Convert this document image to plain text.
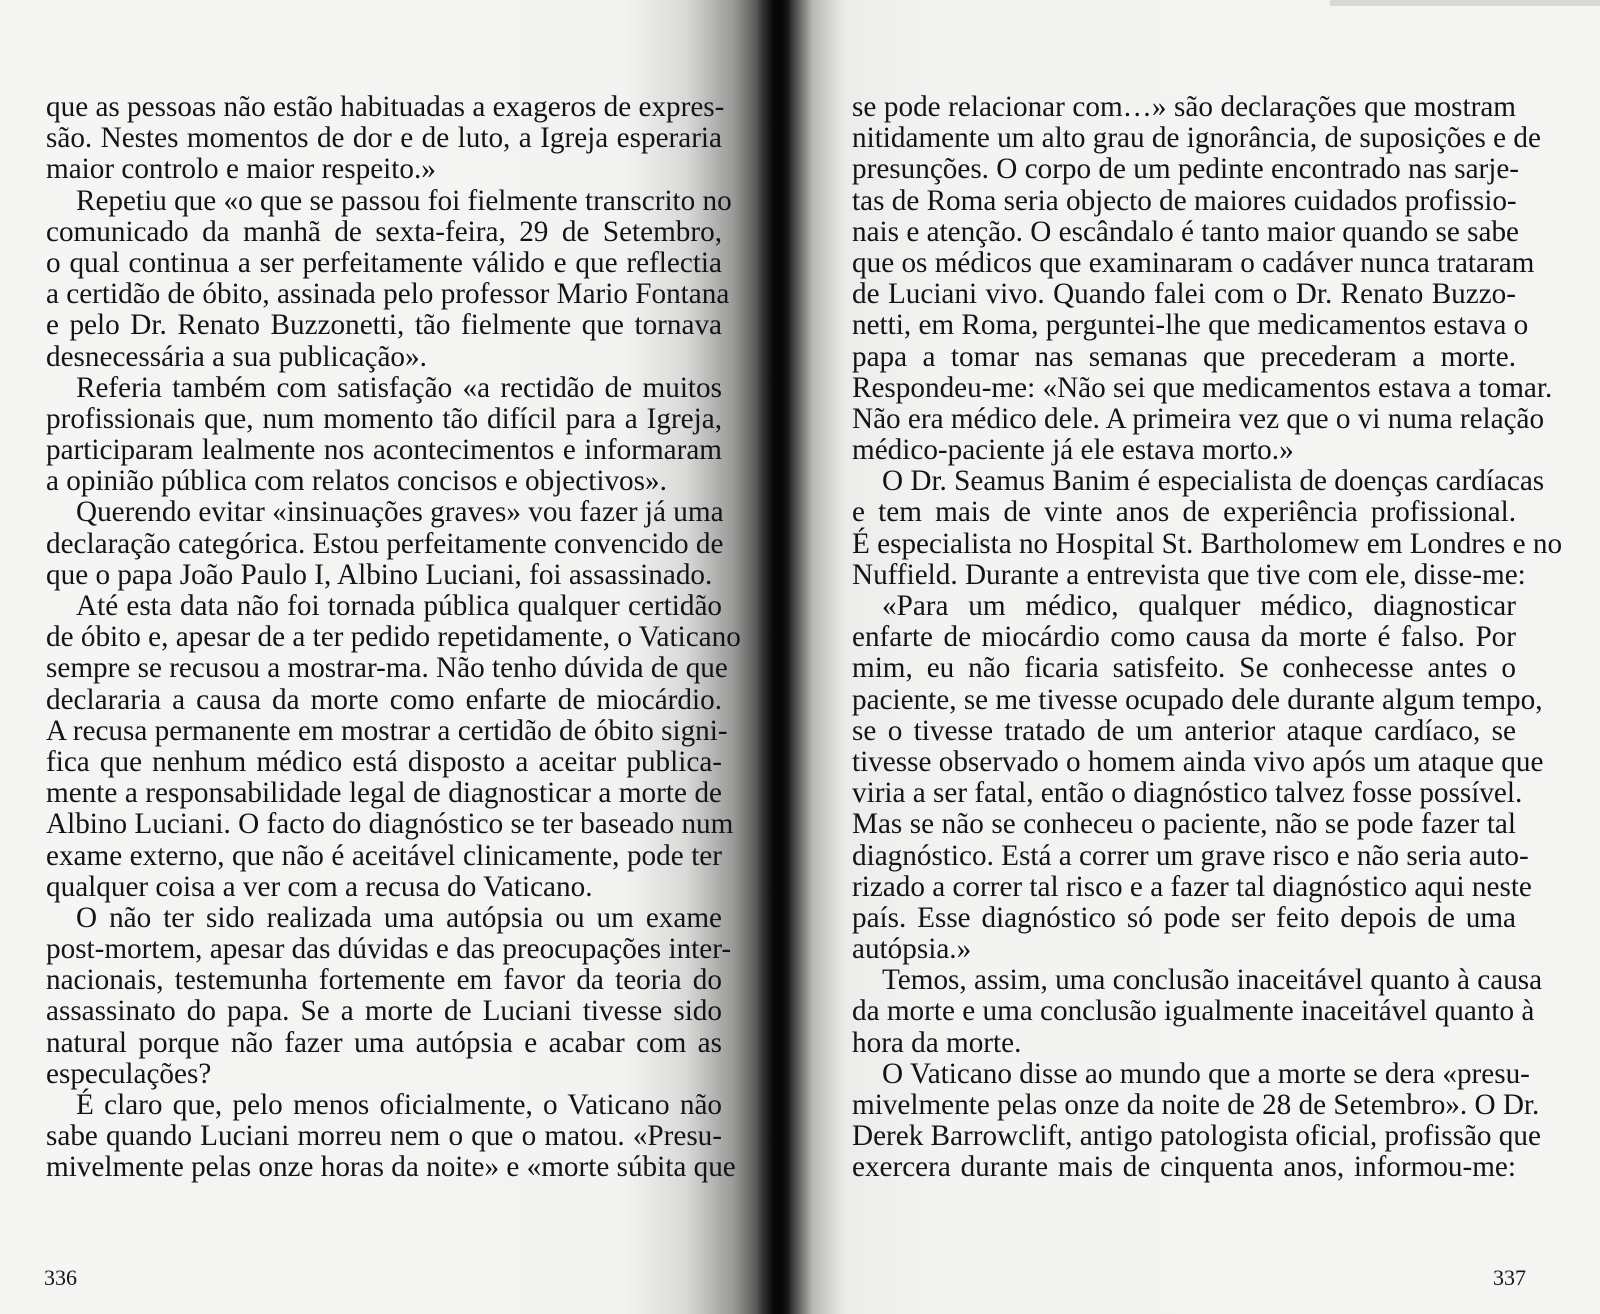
que as pessoas não estão habituadas a exageros de expres-
são. Nestes momentos de dor e de luto, a Igreja esperaria
maior controlo e maior respeito.»
Repetiu que «o que se passou foi fielmente transcrito no
comunicado da manhã de sexta-feira, 29 de Setembro,
o qual continua a ser perfeitamente válido e que reflectia
a certidão de óbito, assinada pelo professor Mario Fontana
e pelo Dr. Renato Buzzonetti, tão fielmente que tornava
desnecessária a sua publicação».
Referia também com satisfação «a rectidão de muitos
profissionais que, num momento tão difícil para a Igreja,
participaram lealmente nos acontecimentos e informaram
a opinião pública com relatos concisos e objectivos».
Querendo evitar «insinuações graves» vou fazer já uma
declaração categórica. Estou perfeitamente convencido de
que o papa João Paulo I, Albino Luciani, foi assassinado.
Até esta data não foi tornada pública qualquer certidão
de óbito e, apesar de a ter pedido repetidamente, o Vaticano
sempre se recusou a mostrar-ma. Não tenho dúvida de que
declararia a causa da morte como enfarte de miocárdio.
A recusa permanente em mostrar a certidão de óbito signi-
fica que nenhum médico está disposto a aceitar publica-
mente a responsabilidade legal de diagnosticar a morte de
Albino Luciani. O facto do diagnóstico se ter baseado num
exame externo, que não é aceitável clinicamente, pode ter
qualquer coisa a ver com a recusa do Vaticano.
O não ter sido realizada uma autópsia ou um exame
post-mortem, apesar das dúvidas e das preocupações inter-
nacionais, testemunha fortemente em favor da teoria do
assassinato do papa. Se a morte de Luciani tivesse sido
natural porque não fazer uma autópsia e acabar com as
especulações?
É claro que, pelo menos oficialmente, o Vaticano não
sabe quando Luciani morreu nem o que o matou. «Presu-
mivelmente pelas onze horas da noite» e «morte súbita que
336
se pode relacionar com…» são declarações que mostram
nitidamente um alto grau de ignorância, de suposições e de
presunções. O corpo de um pedinte encontrado nas sarje-
tas de Roma seria objecto de maiores cuidados profissio-
nais e atenção. O escândalo é tanto maior quando se sabe
que os médicos que examinaram o cadáver nunca trataram
de Luciani vivo. Quando falei com o Dr. Renato Buzzo-
netti, em Roma, perguntei-lhe que medicamentos estava o
papa a tomar nas semanas que precederam a morte.
Respondeu-me: «Não sei que medicamentos estava a tomar.
Não era médico dele. A primeira vez que o vi numa relação
médico-paciente já ele estava morto.»
O Dr. Seamus Banim é especialista de doenças cardíacas
e tem mais de vinte anos de experiência profissional.
É especialista no Hospital St. Bartholomew em Londres e no
Nuffield. Durante a entrevista que tive com ele, disse-me:
«Para um médico, qualquer médico, diagnosticar
enfarte de miocárdio como causa da morte é falso. Por
mim, eu não ficaria satisfeito. Se conhecesse antes o
paciente, se me tivesse ocupado dele durante algum tempo,
se o tivesse tratado de um anterior ataque cardíaco, se
tivesse observado o homem ainda vivo após um ataque que
viria a ser fatal, então o diagnóstico talvez fosse possível.
Mas se não se conheceu o paciente, não se pode fazer tal
diagnóstico. Está a correr um grave risco e não seria auto-
rizado a correr tal risco e a fazer tal diagnóstico aqui neste
país. Esse diagnóstico só pode ser feito depois de uma
autópsia.»
Temos, assim, uma conclusão inaceitável quanto à causa
da morte e uma conclusão igualmente inaceitável quanto à
hora da morte.
O Vaticano disse ao mundo que a morte se dera «presu-
mivelmente pelas onze da noite de 28 de Setembro». O Dr.
Derek Barrowclift, antigo patologista oficial, profissão que
exercera durante mais de cinquenta anos, informou-me:
337
